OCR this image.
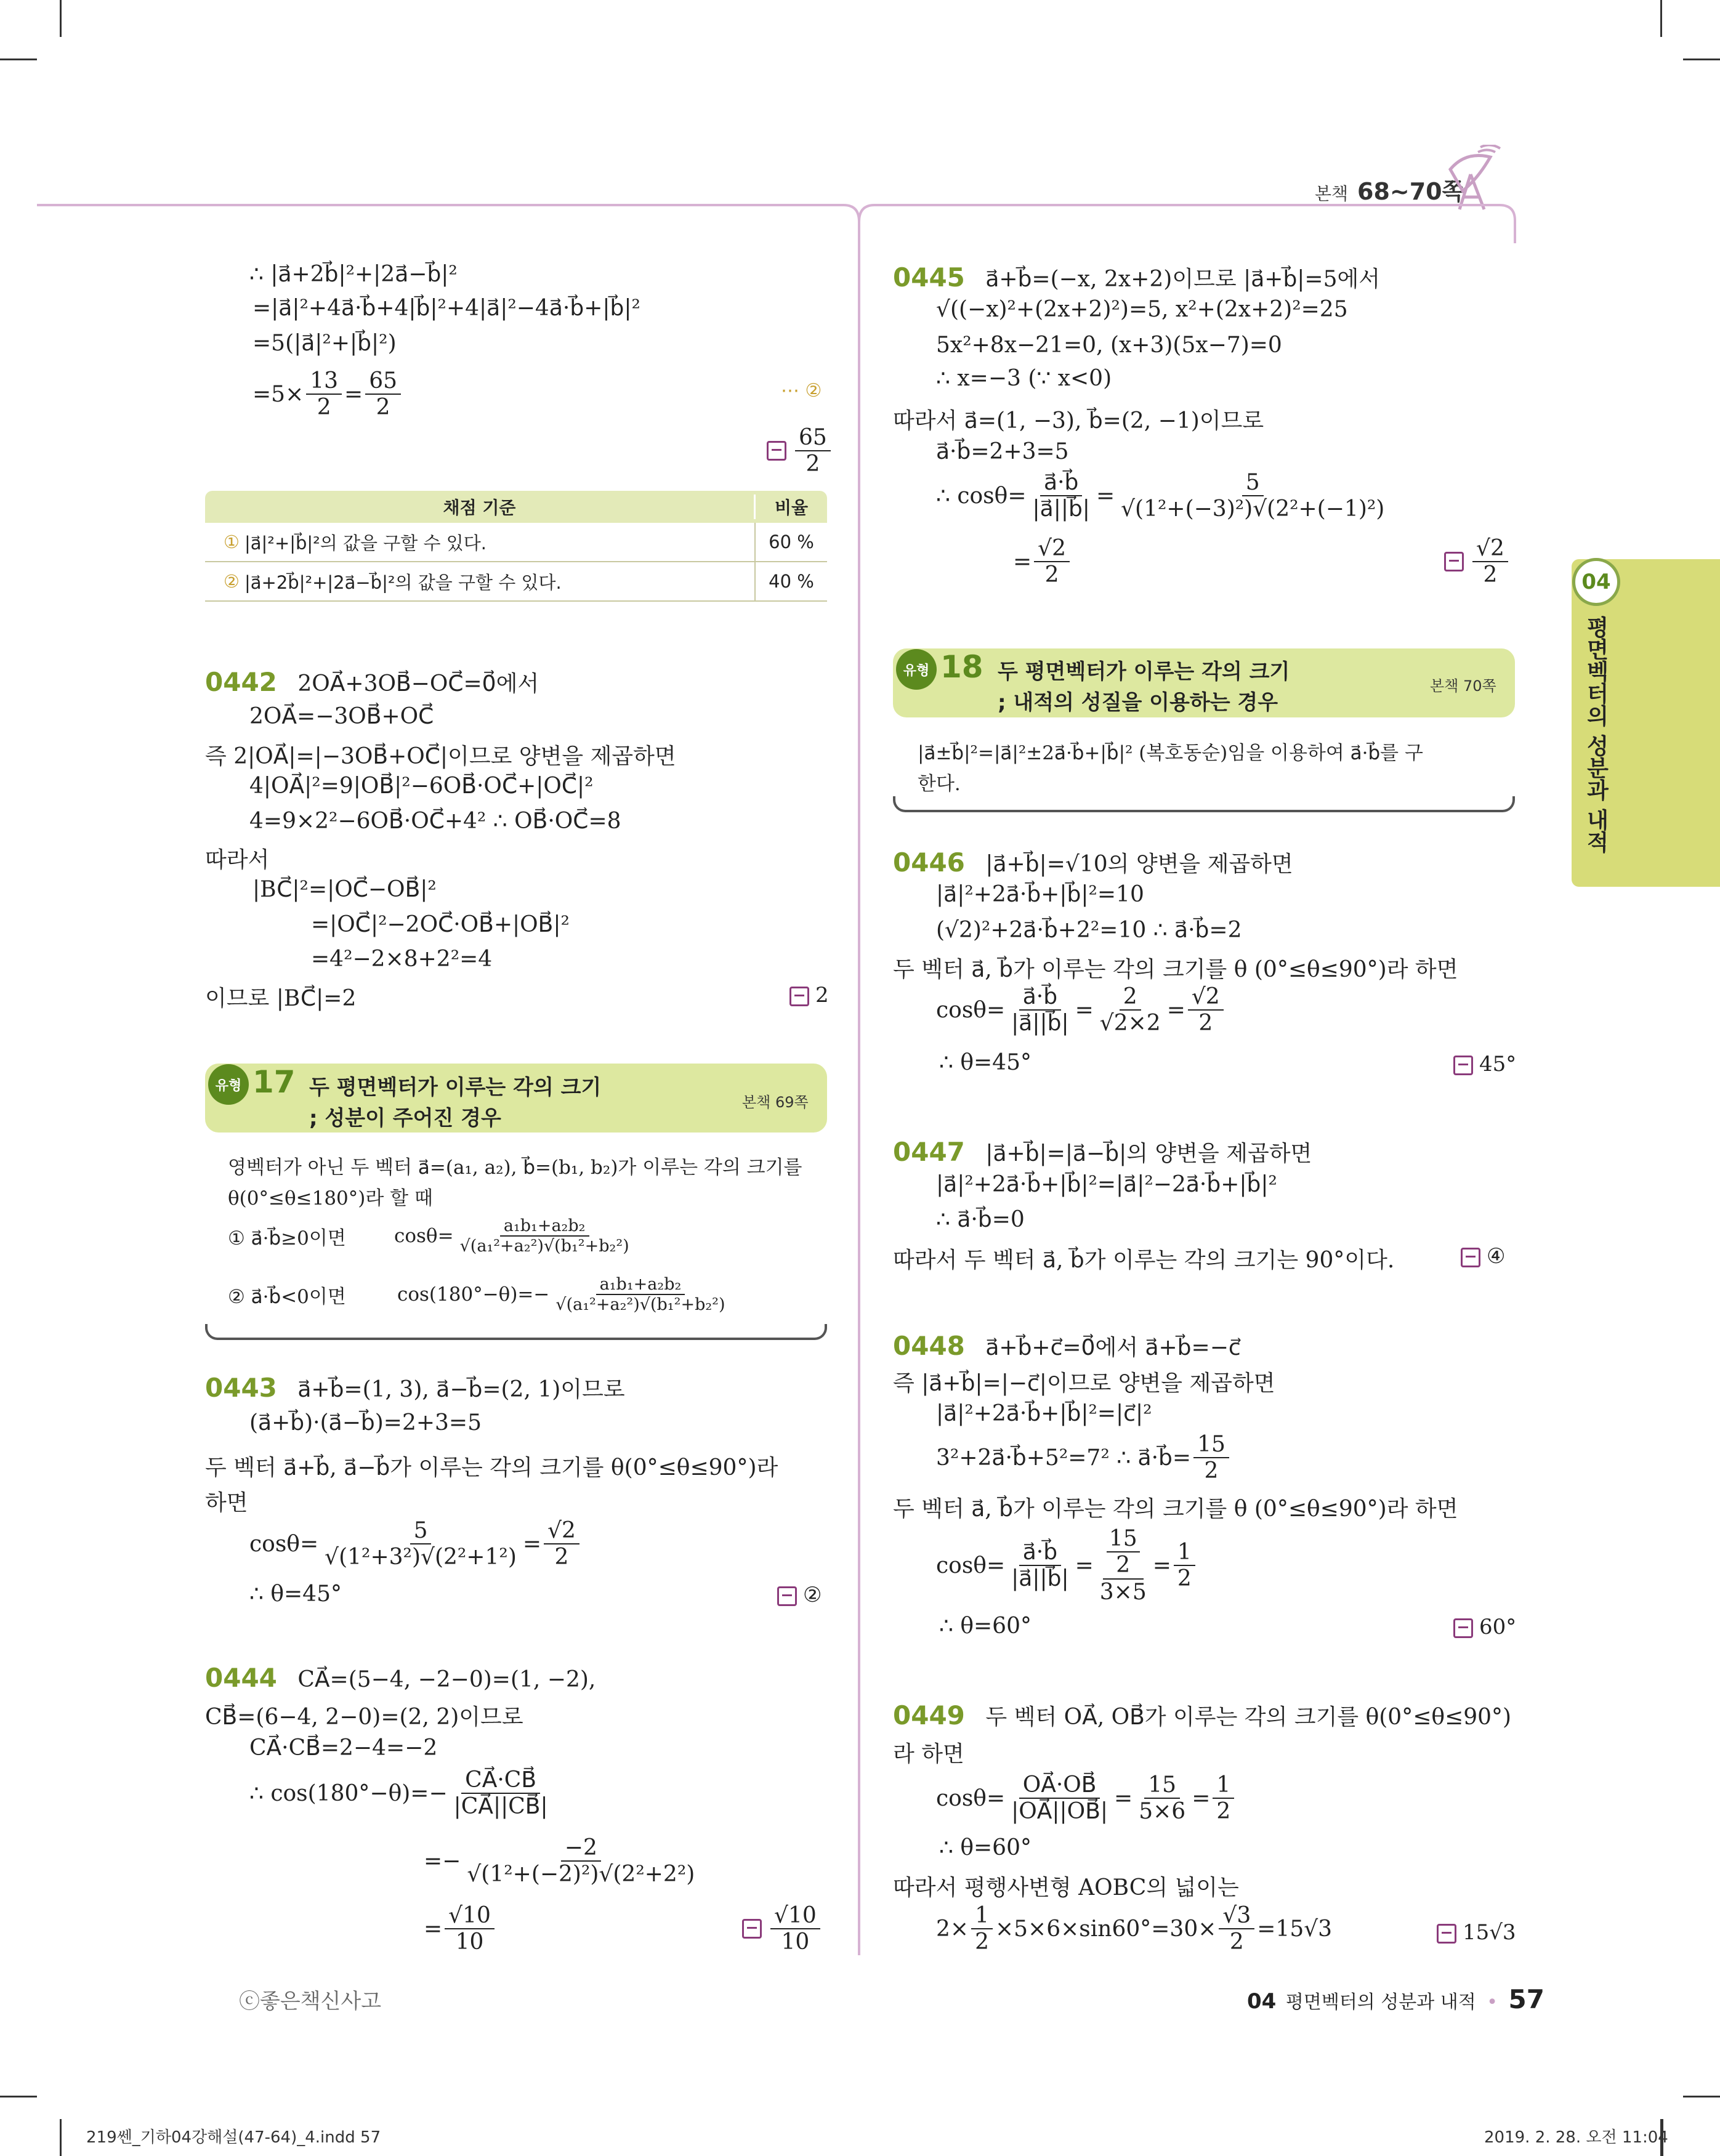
본책 68~70쪽
04
평면벡터의 성분과 내적
∴ |a⃗+2b⃗|²+|2a⃗−b⃗|²
=|a⃗|²+4a⃗·b⃗+4|b⃗|²+4|a⃗|²−4a⃗·b⃗+|b⃗|²
=5(|a⃗|²+|b⃗|²)
$=5\times \frac{13}{2} = \frac{65}{2}$	⋯ ②
$\frac{65}{2}$
채점 기준	비율
① |a⃗|²+|b⃗|²의 값을 구할 수 있다.	60 %
② |a⃗+2b⃗|²+|2a⃗−b⃗|²의 값을 구할 수 있다.	40 %
0442 2OA⃗+3OB⃗−OC⃗=0⃗에서
2OA⃗=−3OB⃗+OC⃗
즉 2|OA⃗|=|−3OB⃗+OC⃗|이므로 양변을 제곱하면
4|OA⃗|²=9|OB⃗|²−6OB⃗·OC⃗+|OC⃗|²
4=9×2²−6OB⃗·OC⃗+4² ∴ OB⃗·OC⃗=8
따라서
|BC⃗|²=|OC⃗−OB⃗|²
=|OC⃗|²−2OC⃗·OB⃗+|OB⃗|²
=4²−2×8+2²=4
이므로 |BC⃗|=2	2
유형 17 두 평면벡터가 이루는 각의 크기
; 성분이 주어진 경우
본책 69쪽
영벡터가 아닌 두 벡터 a⃗=(a₁, a₂), b⃗=(b₁, b₂)가 이루는 각의 크기를
θ(0°≤θ≤180°)라 할 때
① a⃗·b⃗≥0이면	$\cos\theta= \frac{\text{a₁b₁+a₂b₂}}{\text{√(a₁²+a₂²)√(b₁²+b₂²)}}$
② a⃗·b⃗<0이면	$\cos(180^\circ-\theta)=- \frac{\text{a₁b₁+a₂b₂}}{\text{√(a₁²+a₂²)√(b₁²+b₂²)}}$
0443 a⃗+b⃗=(1, 3), a⃗−b⃗=(2, 1)이므로
(a⃗+b⃗)·(a⃗−b⃗)=2+3=5
두 벡터 a⃗+b⃗, a⃗−b⃗가 이루는 각의 크기를 θ(0°≤θ≤90°)라
하면
$\cos\theta= \frac{5}{\text{√(1²+3²)√(2²+1²)}} = \frac{√2}{2}$
∴ θ=45°	②
0444 CA⃗=(5−4, −2−0)=(1, −2),
CB⃗=(6−4, 2−0)=(2, 2)이므로
CA⃗·CB⃗=2−4=−2
∴ $\cos(180^\circ-\theta)=- \frac{CA⃗\cdot CB⃗}{|CA⃗||CB⃗|}$
=− $\frac{-2}{\text{√(1²+(−2)²)√(2²+2²)}}$
= $\frac{√10}{10}$	$\frac{√10}{10}$
ⓒ좋은책신사고
0445 a⃗+b⃗=(−x, 2x+2)이므로 |a⃗+b⃗|=5에서
√((−x)²+(2x+2)²)=5, x²+(2x+2)²=25
5x²+8x−21=0, (x+3)(5x−7)=0
∴ x=−3 (∵ x<0)
따라서 a⃗=(1, −3), b⃗=(2, −1)이므로
a⃗·b⃗=2+3=5
∴ $\cos\theta= \frac{a⃗\cdot b⃗}{|a⃗||b⃗|} = \frac{5}{\text{√(1²+(−3)²)√(2²+(−1)²)}}$
= $\frac{√2}{2}$	$\frac{√2}{2}$
유형 18 두 평면벡터가 이루는 각의 크기
; 내적의 성질을 이용하는 경우
본책 70쪽
|a⃗±b⃗|²=|a⃗|²±2a⃗·b⃗+|b⃗|² (복호동순)임을 이용하여 a⃗·b⃗를 구
한다.
0446 |a⃗+b⃗|=√10의 양변을 제곱하면
|a⃗|²+2a⃗·b⃗+|b⃗|²=10
(√2)²+2a⃗·b⃗+2²=10 ∴ a⃗·b⃗=2
두 벡터 a⃗, b⃗가 이루는 각의 크기를 θ (0°≤θ≤90°)라 하면
$\cos\theta= \frac{a⃗\cdot b⃗}{|a⃗||b⃗|} = \frac{2}{√2\times 2} = \frac{√2}{2}$
∴ θ=45°	45°
0447 |a⃗+b⃗|=|a⃗−b⃗|의 양변을 제곱하면
|a⃗|²+2a⃗·b⃗+|b⃗|²=|a⃗|²−2a⃗·b⃗+|b⃗|²
∴ a⃗·b⃗=0
따라서 두 벡터 a⃗, b⃗가 이루는 각의 크기는 90°이다.	④
0448 a⃗+b⃗+c⃗=0⃗에서 a⃗+b⃗=−c⃗
즉 |a⃗+b⃗|=|−c⃗|이므로 양변을 제곱하면
|a⃗|²+2a⃗·b⃗+|b⃗|²=|c⃗|²
3²+2a⃗·b⃗+5²=7² ∴ a⃗·b⃗= $\frac{15}{2}$
두 벡터 a⃗, b⃗가 이루는 각의 크기를 θ (0°≤θ≤90°)라 하면
$\cos\theta= \frac{a⃗\cdot b⃗}{|a⃗||b⃗|} = 15$
2
$3\times 5 = \frac{1}{2}$
∴ θ=60°	60°
0449 두 벡터 OA⃗, OB⃗가 이루는 각의 크기를 θ(0°≤θ≤90°)
라 하면
$\cos\theta= \frac{OA⃗\cdot OB⃗}{|OA⃗||OB⃗|} = \frac{15}{5\times 6} = \frac{1}{2}$
∴ θ=60°
따라서 평행사변형 AOBC의 넓이는
$2\times \frac{1}{2} \times 5\times 6\times\sin 60^\circ=30\times \frac{√3}{2} =15√3$	15√3
04 평면벡터의 성분과 내적 • 57
219쎈_기하04강해설(47-64)_4.indd 57	2019. 2. 28. 오전 11:04
